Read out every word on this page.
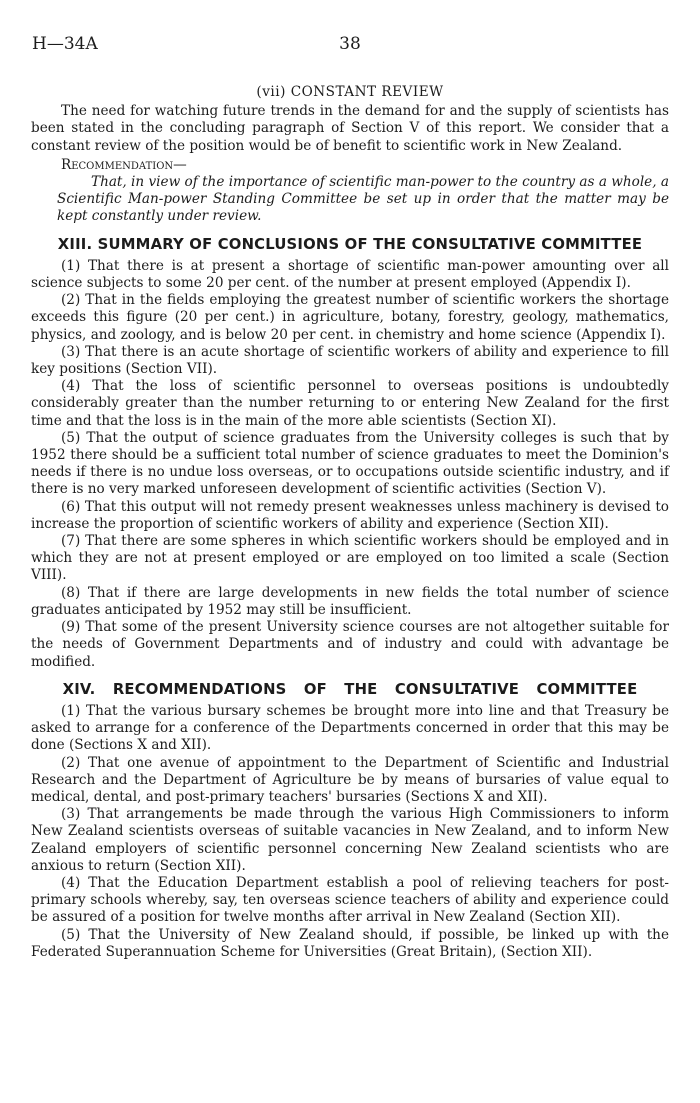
38
H—34A
(vii) CONSTANT REVIEW

The need for watching future trends in the demand for and the supply of scientists has been stated in the concluding paragraph of Section V of this report. We consider that a constant review of the position would be of benefit to scientific work in New Zealand.

Recommendation—

That, in view of the importance of scientific man-power to the country as a whole, a Scientific Man-power Standing Committee be set up in order that the matter may be kept constantly under review.

XIII. SUMMARY OF CONCLUSIONS OF THE CONSULTATIVE COMMITTEE

(1) That there is at present a shortage of scientific man-power amounting over all science subjects to some 20 per cent. of the number at present employed (Appendix I).

(2) That in the fields employing the greatest number of scientific workers the shortage exceeds this figure (20 per cent.) in agriculture, botany, forestry, geology, mathematics, physics, and zoology, and is below 20 per cent. in chemistry and home science (Appendix I).

(3) That there is an acute shortage of scientific workers of ability and experience to fill key positions (Section VII).

(4) That the loss of scientific personnel to overseas positions is undoubtedly considerably greater than the number returning to or entering New Zealand for the first time and that the loss is in the main of the more able scientists (Section XI).

(5) That the output of science graduates from the University colleges is such that by 1952 there should be a sufficient total number of science graduates to meet the Dominion's needs if there is no undue loss overseas, or to occupations outside scientific industry, and if there is no very marked unforeseen development of scientific activities (Section V).

(6) That this output will not remedy present weaknesses unless machinery is devised to increase the proportion of scientific workers of ability and experience (Section XII).

(7) That there are some spheres in which scientific workers should be employed and in which they are not at present employed or are employed on too limited a scale (Section VIII).

(8) That if there are large developments in new fields the total number of science graduates anticipated by 1952 may still be insufficient.

(9) That some of the present University science courses are not altogether suitable for the needs of Government Departments and of industry and could with advantage be modified.

XIV. RECOMMENDATIONS OF THE CONSULTATIVE COMMITTEE

(1) That the various bursary schemes be brought more into line and that Treasury be asked to arrange for a conference of the Departments concerned in order that this may be done (Sections X and XII).

(2) That one avenue of appointment to the Department of Scientific and Industrial Research and the Department of Agriculture be by means of bursaries of value equal to medical, dental, and post-primary teachers' bursaries (Sections X and XII).

(3) That arrangements be made through the various High Commissioners to inform New Zealand scientists overseas of suitable vacancies in New Zealand, and to inform New Zealand employers of scientific personnel concerning New Zealand scientists who are anxious to return (Section XII).

(4) That the Education Department establish a pool of relieving teachers for post-primary schools whereby, say, ten overseas science teachers of ability and experience could be assured of a position for twelve months after arrival in New Zealand (Section XII).

(5) That the University of New Zealand should, if possible, be linked up with the Federated Superannuation Scheme for Universities (Great Britain), (Section XII).
